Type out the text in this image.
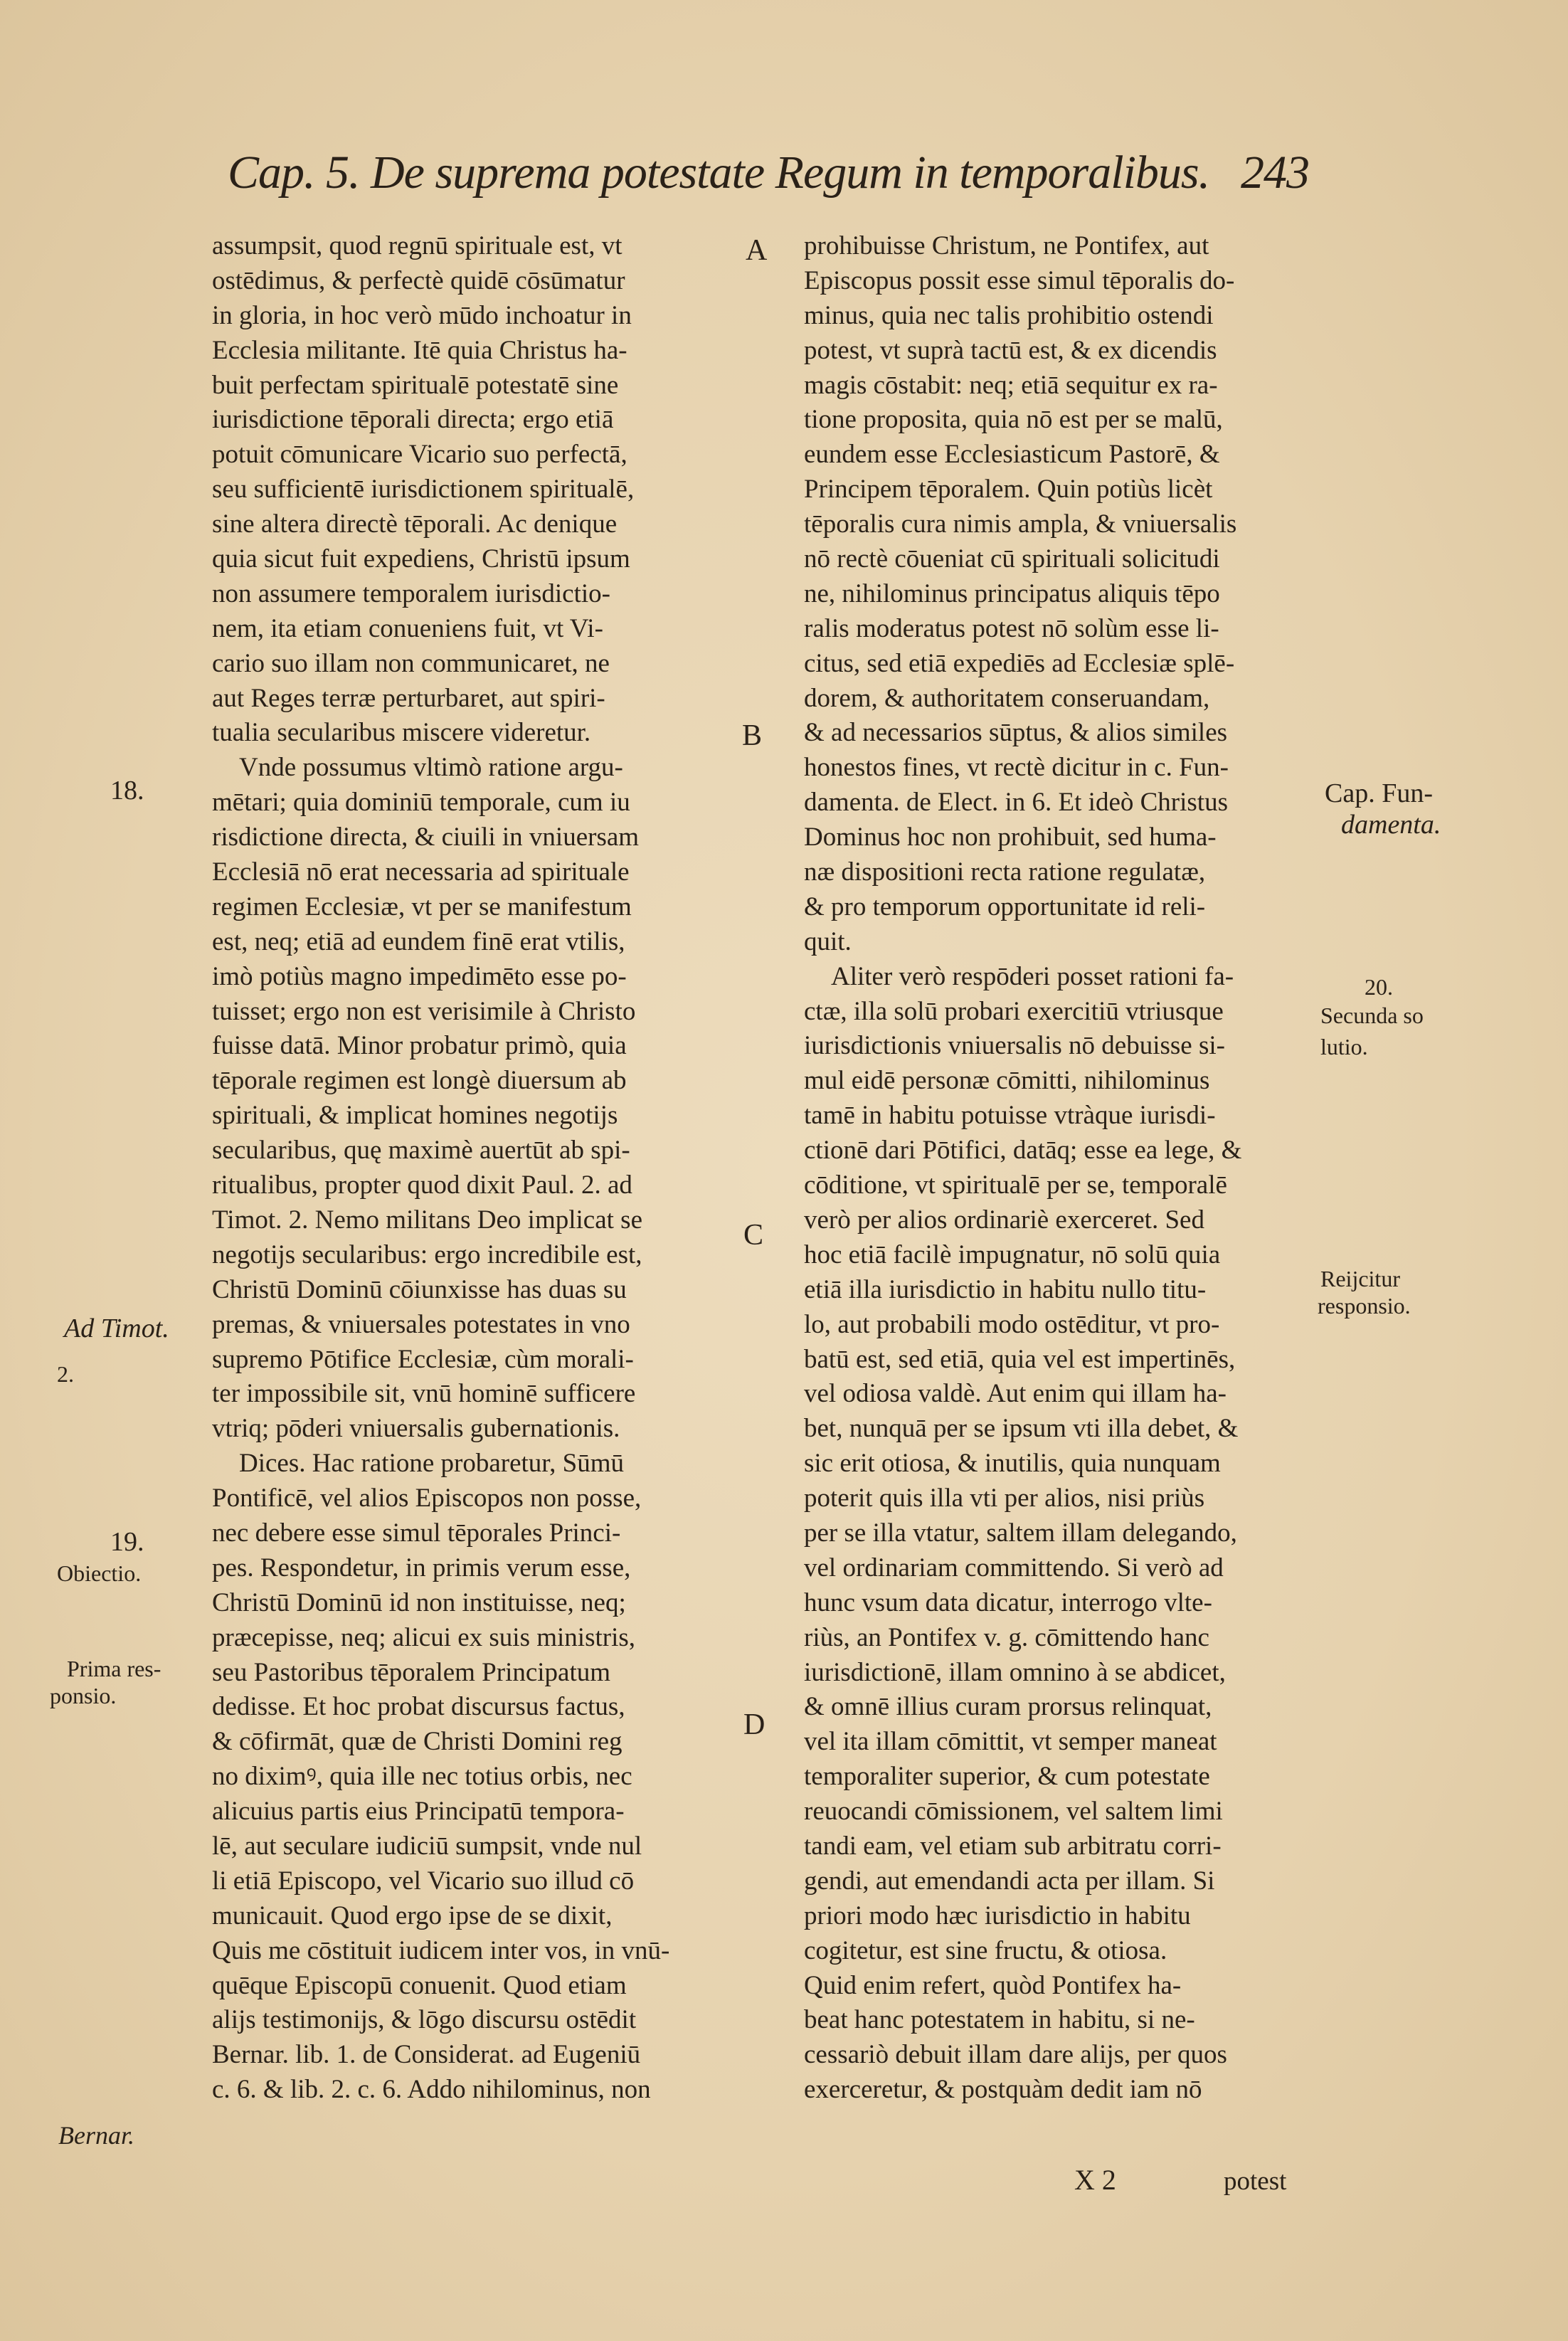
Cap. 5. De suprema potestate Regum in temporalibus. 243
A
B
C
D
assumpsit, quod regnū spirituale est, vt
ostēdimus, & perfectè quidē cōsūmatur
in gloria, in hoc verò mūdo inchoatur in
Ecclesia militante. Itē quia Christus ha-
buit perfectam spiritualē potestatē sine
iurisdictione tēporali directa; ergo etiā
potuit cōmunicare Vicario suo perfectā,
seu sufficientē iurisdictionem spiritualē,
sine altera directè tēporali. Ac denique
quia sicut fuit expediens, Christū ipsum
non assumere temporalem iurisdictio-
nem, ita etiam conueniens fuit, vt Vi-
cario suo illam non communicaret, ne
aut Reges terræ perturbaret, aut spiri-
tualia secularibus miscere videretur.
Vnde possumus vltimò ratione argu-
mētari; quia dominiū temporale, cum iu
risdictione directa, & ciuili in vniuersam
Ecclesiā nō erat necessaria ad spirituale
regimen Ecclesiæ, vt per se manifestum
est, neq; etiā ad eundem finē erat vtilis,
imò potiùs magno impedimēto esse po-
tuisset; ergo non est verisimile à Christo
fuisse datā. Minor probatur primò, quia
tēporale regimen est longè diuersum ab
spirituali, & implicat homines negotijs
secularibus, quę maximè auertūt ab spi-
ritualibus, propter quod dixit Paul. 2. ad
Timot. 2. Nemo militans Deo implicat se
negotijs secularibus: ergo incredibile est,
Christū Dominū cōiunxisse has duas su
premas, & vniuersales potestates in vno
supremo Pōtifice Ecclesiæ, cùm morali-
ter impossibile sit, vnū hominē sufficere
vtriq; pōderi vniuersalis gubernationis.
Dices. Hac ratione probaretur, Sūmū
Pontificē, vel alios Episcopos non posse,
nec debere esse simul tēporales Princi-
pes. Respondetur, in primis verum esse,
Christū Dominū id non instituisse, neq;
præcepisse, neq; alicui ex suis ministris,
seu Pastoribus tēporalem Principatum
dedisse. Et hoc probat discursus factus,
& cōfirmāt, quæ de Christi Domini reg
no diximꝰ, quia ille nec totius orbis, nec
alicuius partis eius Principatū tempora-
lē, aut seculare iudiciū sumpsit, vnde nul
li etiā Episcopo, vel Vicario suo illud cō
municauit. Quod ergo ipse de se dixit,
Quis me cōstituit iudicem inter vos, in vnū-
quēque Episcopū conuenit. Quod etiam
alijs testimonijs, & lōgo discursu ostēdit
Bernar. lib. 1. de Considerat. ad Eugeniū
c. 6. & lib. 2. c. 6. Addo nihilominus, non
prohibuisse Christum, ne Pontifex, aut
Episcopus possit esse simul tēporalis do-
minus, quia nec talis prohibitio ostendi
potest, vt suprà tactū est, & ex dicendis
magis cōstabit: neq; etiā sequitur ex ra-
tione proposita, quia nō est per se malū,
eundem esse Ecclesiasticum Pastorē, &
Principem tēporalem. Quin potiùs licèt
tēporalis cura nimis ampla, & vniuersalis
nō rectè cōueniat cū spirituali solicitudi
ne, nihilominus principatus aliquis tēpo
ralis moderatus potest nō solùm esse li-
citus, sed etiā expediēs ad Ecclesiæ splē-
dorem, & authoritatem conseruandam,
& ad necessarios sūptus, & alios similes
honestos fines, vt rectè dicitur in c. Fun-
damenta. de Elect. in 6. Et ideò Christus
Dominus hoc non prohibuit, sed huma-
næ dispositioni recta ratione regulatæ,
& pro temporum opportunitate id reli-
quit.
Aliter verò respōderi posset rationi fa-
ctæ, illa solū probari exercitiū vtriusque
iurisdictionis vniuersalis nō debuisse si-
mul eidē personæ cōmitti, nihilominus
tamē in habitu potuisse vtràque iurisdi-
ctionē dari Pōtifici, datāq; esse ea lege, &
cōditione, vt spiritualē per se, temporalē
verò per alios ordinariè exerceret. Sed
hoc etiā facilè impugnatur, nō solū quia
etiā illa iurisdictio in habitu nullo titu-
lo, aut probabili modo ostēditur, vt pro-
batū est, sed etiā, quia vel est impertinēs,
vel odiosa valdè. Aut enim qui illam ha-
bet, nunquā per se ipsum vti illa debet, &
sic erit otiosa, & inutilis, quia nunquam
poterit quis illa vti per alios, nisi priùs
per se illa vtatur, saltem illam delegando,
vel ordinariam committendo. Si verò ad
hunc vsum data dicatur, interrogo vlte-
riùs, an Pontifex v. g. cōmittendo hanc
iurisdictionē, illam omnino à se abdicet,
& omnē illius curam prorsus relinquat,
vel ita illam cōmittit, vt semper maneat
temporaliter superior, & cum potestate
reuocandi cōmissionem, vel saltem limi
tandi eam, vel etiam sub arbitratu corri-
gendi, aut emendandi acta per illam. Si
priori modo hæc iurisdictio in habitu
cogitetur, est sine fructu, & otiosa.
Quid enim refert, quòd Pontifex ha-
beat hanc potestatem in habitu, si ne-
cessariò debuit illam dare alijs, per quos
exerceretur, & postquàm dedit iam nō
18.
Ad Timot.
2.
19.
Obiectio.
Prima res-
ponsio.
Bernar.
Cap. Fun-
damenta.
20.
Secunda so
lutio.
Reijcitur
responsio.
X 2	potest
